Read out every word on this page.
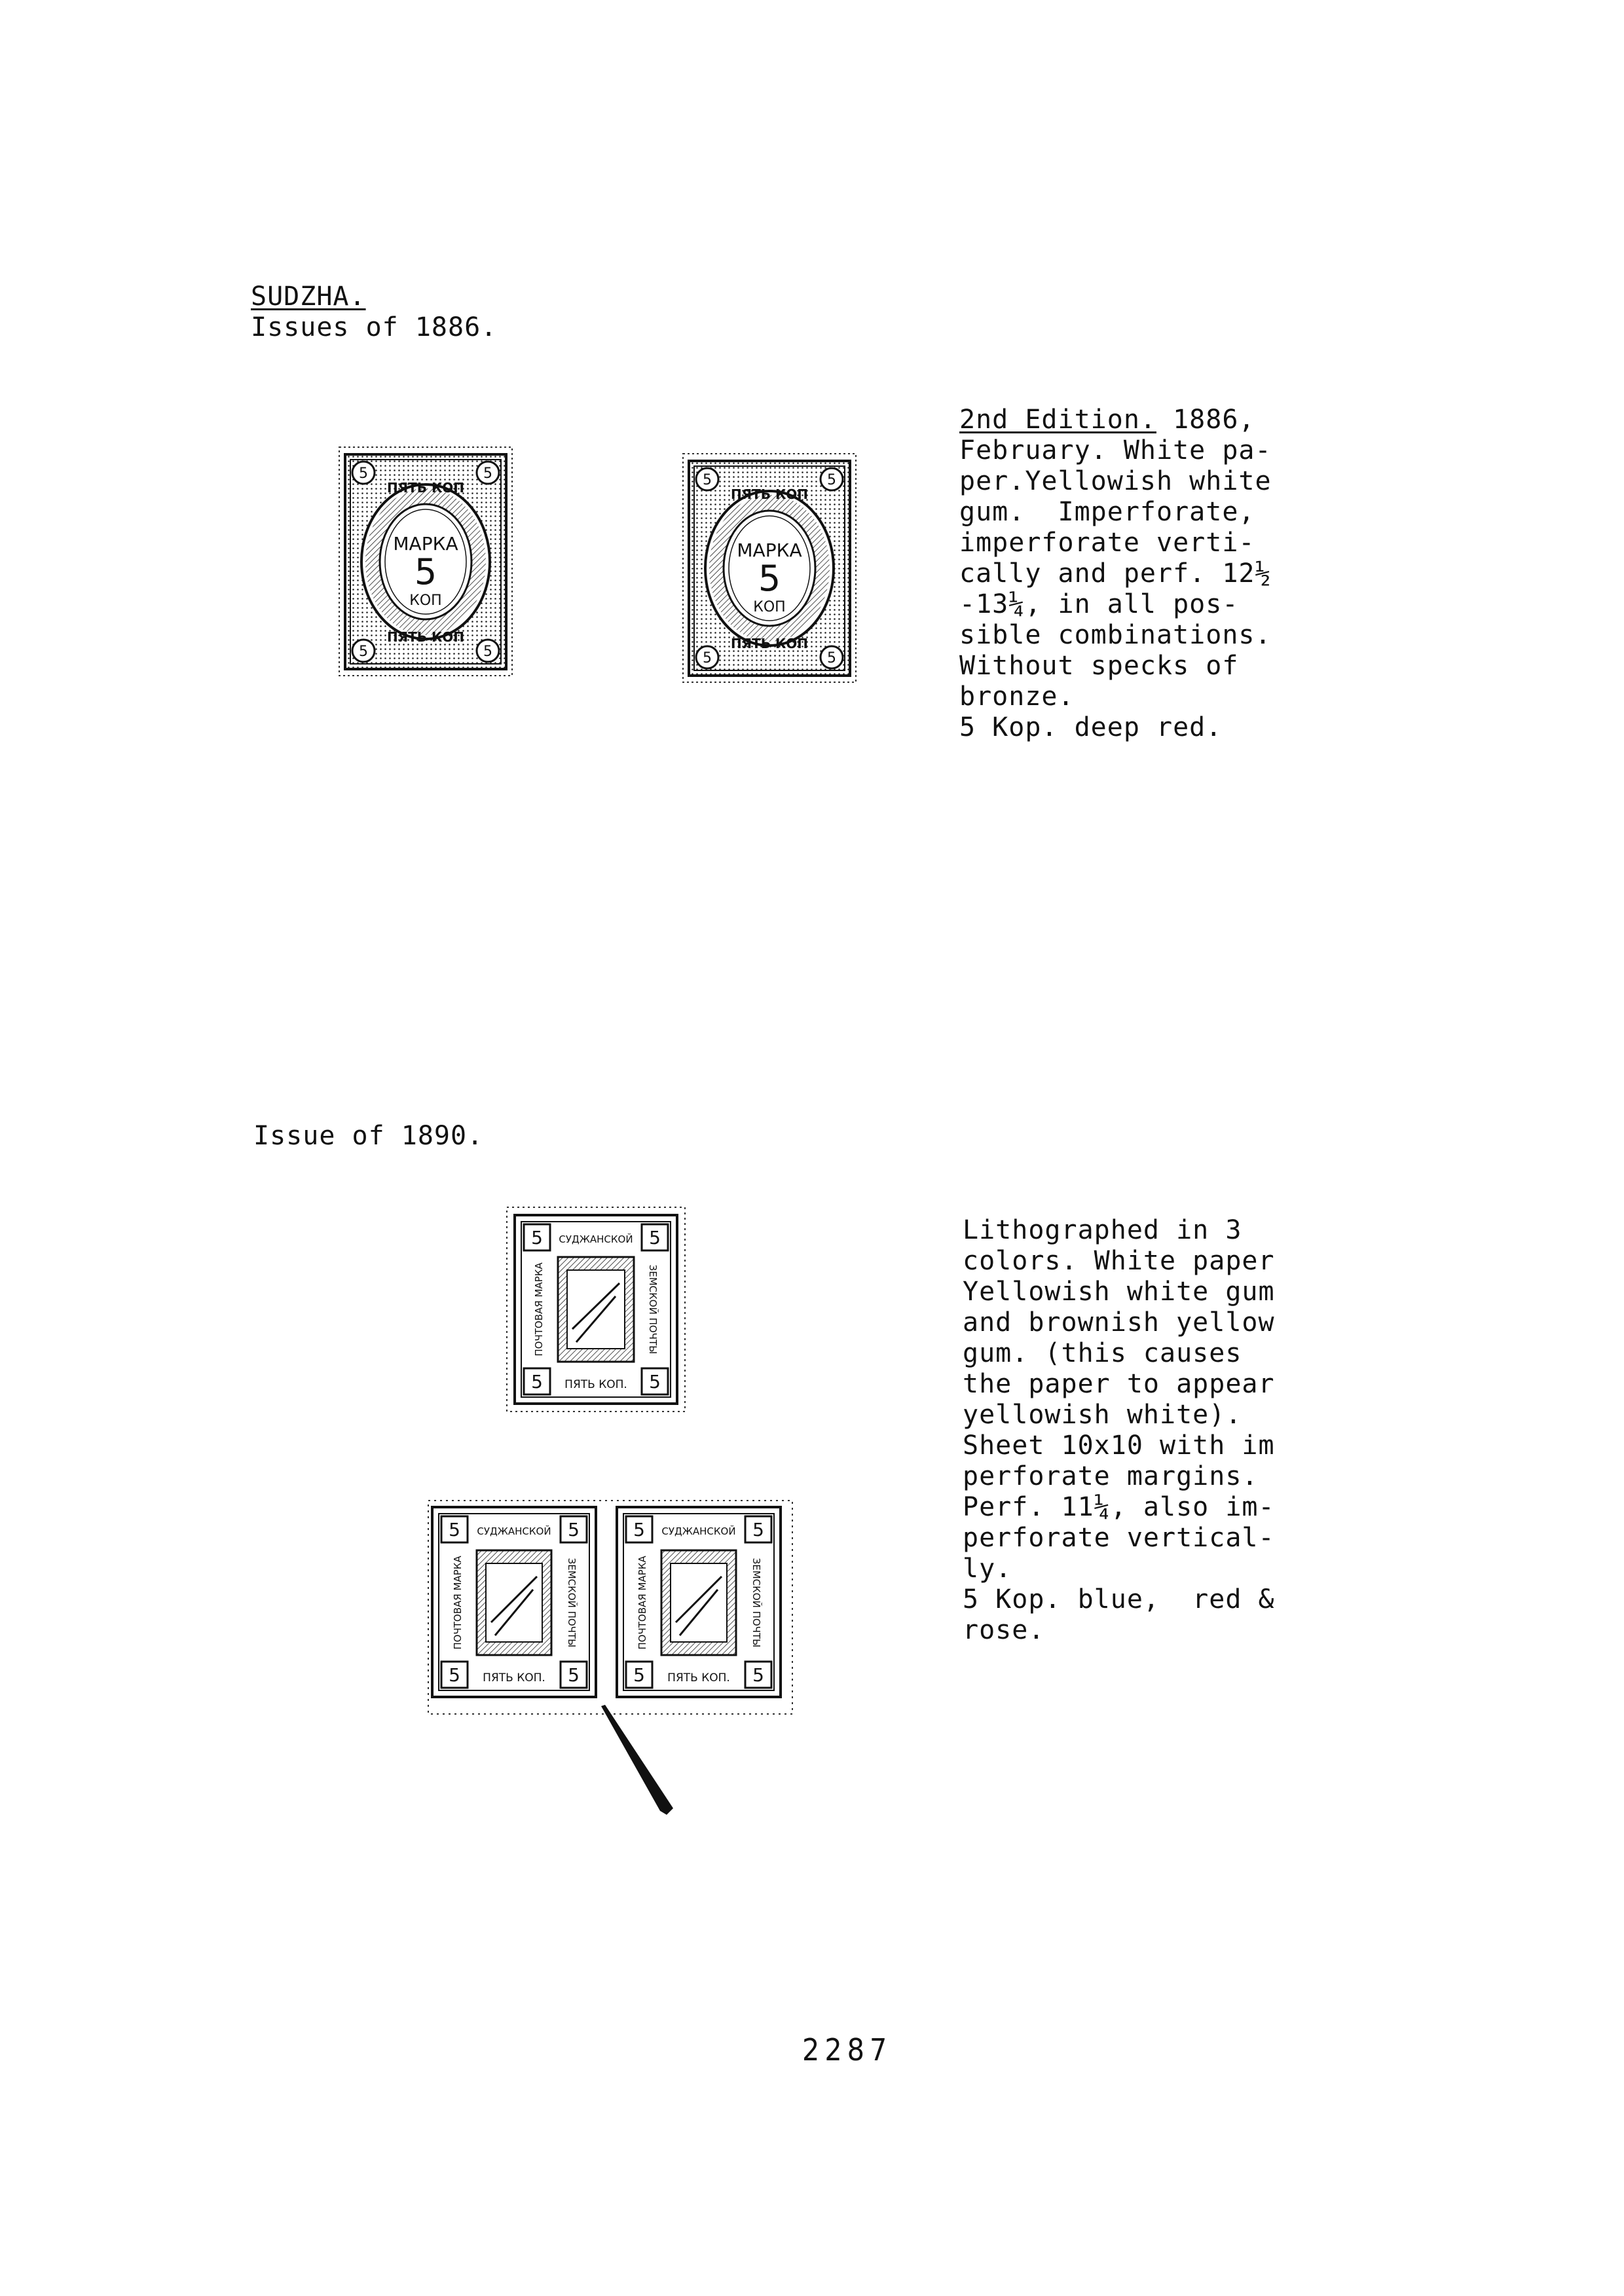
SUDZHA.
Issues of 1886.
2nd Edition. 1886,
February. White pa-
per.Yellowish white
gum.  Imperforate,
imperforate verti-
cally and perf. 12½
-13¼, in all pos-
sible combinations.
Without specks of
bronze.
5 Kop. deep red.
5	5
5	5
ПЯТЬ КОП
МАРКА
5
КОП
ПЯТЬ КОП
5	5
5	5
ПЯТЬ КОП
МАРКА
5
КОП
ПЯТЬ КОП
Issue of 1890.
Lithographed in 3
colors. White paper
Yellowish white gum
and brownish yellow
gum. (this causes
the paper to appear
yellowish white).
Sheet 10x10 with im
perforate margins.
Perf. 11¼, also im-
perforate vertical-
ly.
5 Kop. blue,  red &
rose.
5	5
5	5
СУДЖАНСКОЙ
ПЯТЬ КОП.
ПОЧТОВАЯ МАРКА	ЗЕМСКОЙ ПОЧТЫ
5	5
5	5
СУДЖАНСКОЙ
ПЯТЬ КОП.
ПОЧТОВАЯ МАРКА	ЗЕМСКОЙ ПОЧТЫ
5	5
5	5
СУДЖАНСКОЙ
ПЯТЬ КОП.
ПОЧТОВАЯ МАРКА	ЗЕМСКОЙ ПОЧТЫ
2287
